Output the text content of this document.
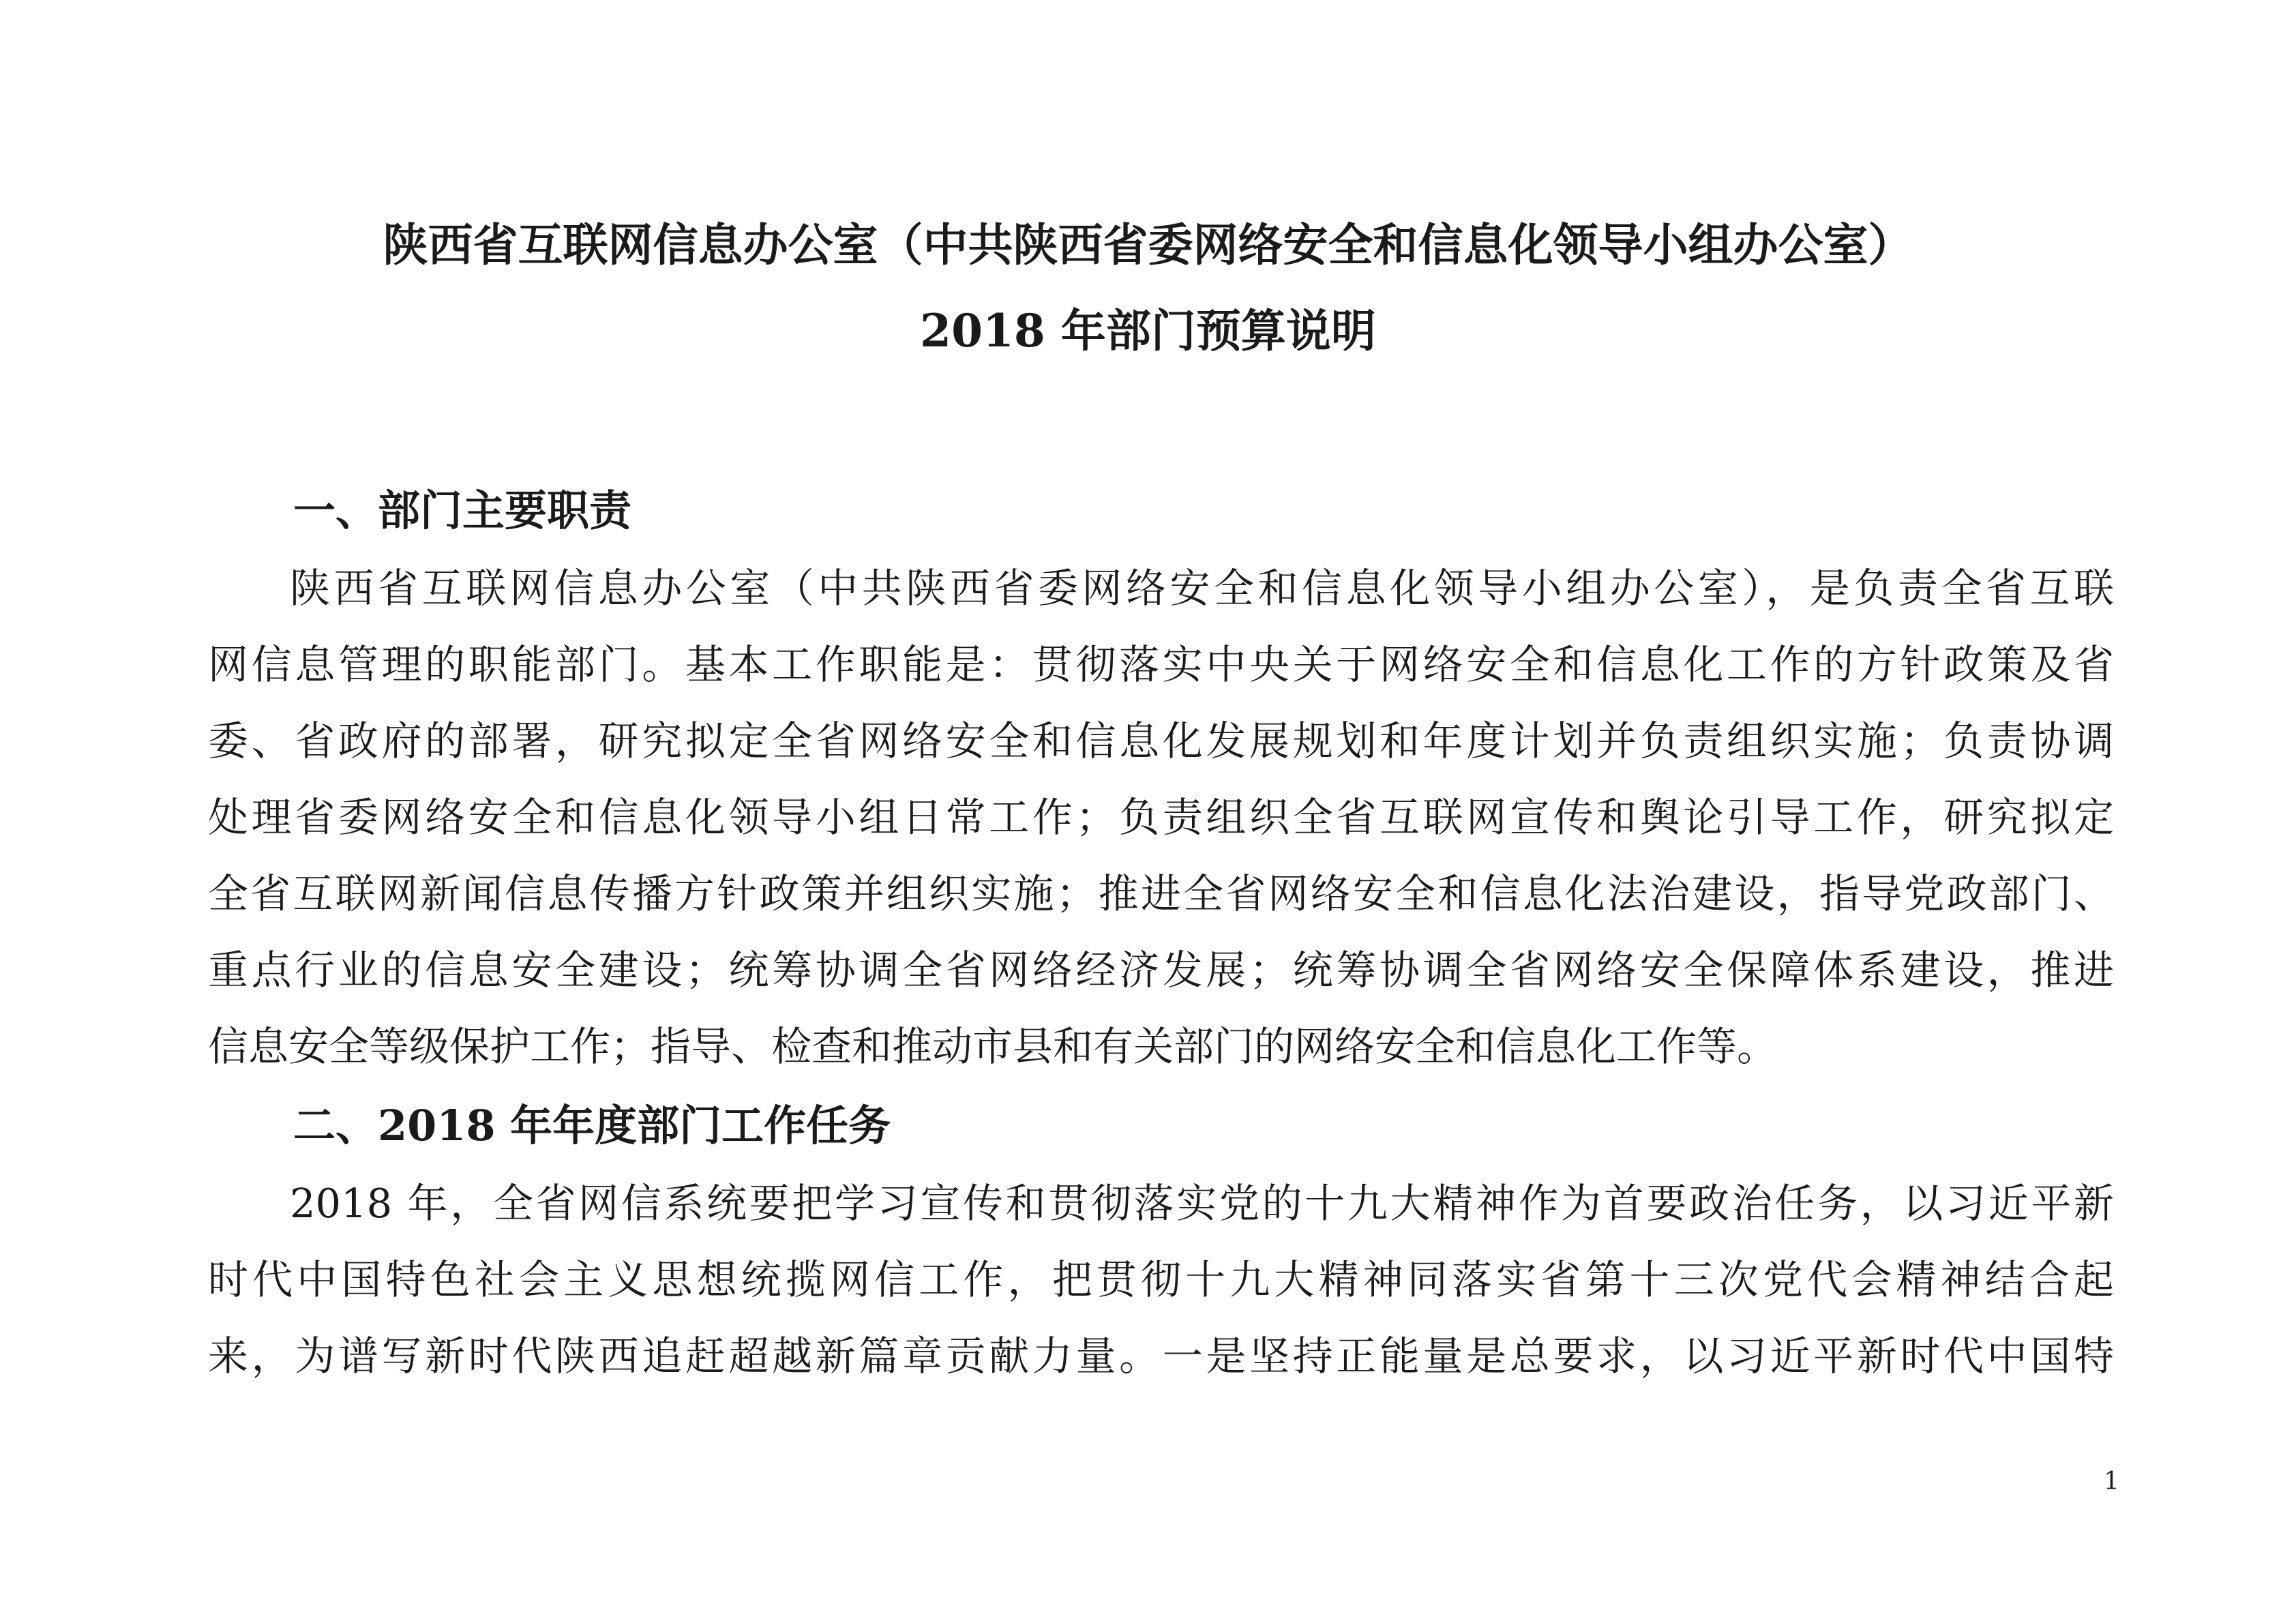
陕西省互联网信息办公室（中共陕西省委网络安全和信息化领导小组办公室）
2018 年部门预算说明
一、部门主要职责
陕西省互联网信息办公室（中共陕西省委网络安全和信息化领导小组办公室），是负责全省互联
网信息管理的职能部门。基本工作职能是：贯彻落实中央关于网络安全和信息化工作的方针政策及省
委、省政府的部署，研究拟定全省网络安全和信息化发展规划和年度计划并负责组织实施；负责协调
处理省委网络安全和信息化领导小组日常工作；负责组织全省互联网宣传和舆论引导工作，研究拟定
全省互联网新闻信息传播方针政策并组织实施；推进全省网络安全和信息化法治建设，指导党政部门、
重点行业的信息安全建设；统筹协调全省网络经济发展；统筹协调全省网络安全保障体系建设，推进
信息安全等级保护工作；指导、检查和推动市县和有关部门的网络安全和信息化工作等。
二、2018 年年度部门工作任务
2018 年，全省网信系统要把学习宣传和贯彻落实党的十九大精神作为首要政治任务，以习近平新
时代中国特色社会主义思想统揽网信工作，把贯彻十九大精神同落实省第十三次党代会精神结合起
来，为谱写新时代陕西追赶超越新篇章贡献力量。一是坚持正能量是总要求，以习近平新时代中国特
1
